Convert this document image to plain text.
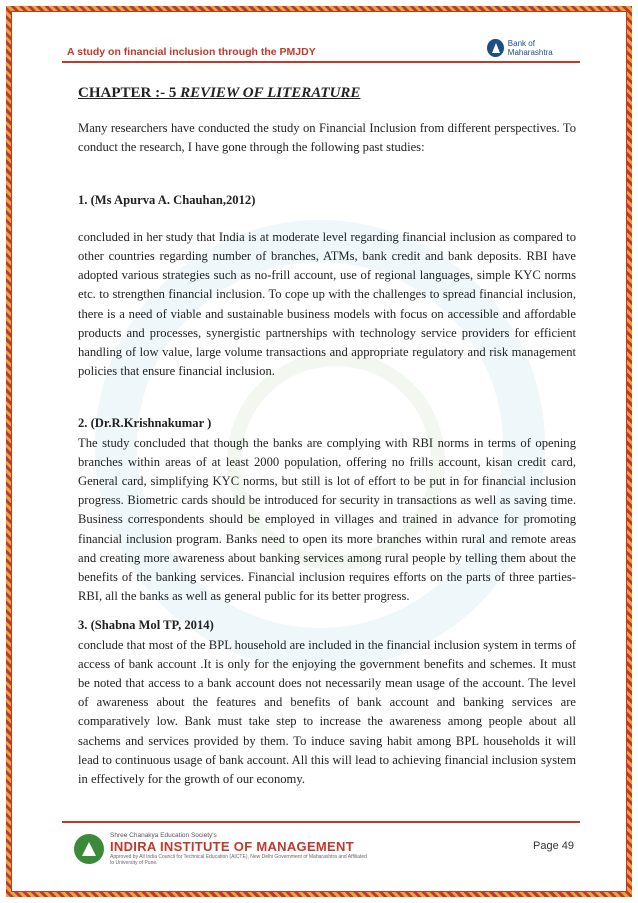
A study on financial inclusion through the PMJDY
Bank of Maharashtra
CHAPTER :- 5 REVIEW OF LITERATURE

Many researchers have conducted the study on Financial Inclusion from different perspectives. To conduct the research, I have gone through the following past studies:

1. (Ms Apurva A. Chauhan,2012)

concluded in her study that India is at moderate level regarding financial inclusion as compared to other countries regarding number of branches, ATMs, bank credit and bank deposits. RBI have adopted various strategies such as no-frill account, use of regional languages, simple KYC norms etc. to strengthen financial inclusion. To cope up with the challenges to spread financial inclusion, there is a need of viable and sustainable business models with focus on accessible and affordable products and processes, synergistic partnerships with technology service providers for efficient handling of low value, large volume transactions and appropriate regulatory and risk management policies that ensure financial inclusion.

2. (Dr.R.Krishnakumar )

The study concluded that though the banks are complying with RBI norms in terms of opening branches within areas of at least 2000 population, offering no frills account, kisan credit card, General card, simplifying KYC norms, but still is lot of effort to be put in for financial inclusion progress. Biometric cards should be introduced for security in transactions as well as saving time. Business correspondents should be employed in villages and trained in advance for promoting financial inclusion program. Banks need to open its more branches within rural and remote areas and creating more awareness about banking services among rural people by telling them about the benefits of the banking services. Financial inclusion requires efforts on the parts of three parties- RBI, all the banks as well as general public for its better progress.

3. (Shabna Mol TP, 2014)

conclude that most of the BPL household are included in the financial inclusion system in terms of access of bank account .It is only for the enjoying the government benefits and schemes. It must be noted that access to a bank account does not necessarily mean usage of the account. The level of awareness about the features and benefits of bank account and banking services are comparatively low. Bank must take step to increase the awareness among people about all sachems and services provided by them. To induce saving habit among BPL households it will lead to continuous usage of bank account. All this will lead to achieving financial inclusion system in effectively for the growth of our economy.

Shree Chanakya Education Society's
INDIRA INSTITUTE OF MANAGEMENT
Approved by All India Council for Technical Education (AICTE), New Delhi Government of Maharashtra and Affiliated to University of Pune.
Page 49
